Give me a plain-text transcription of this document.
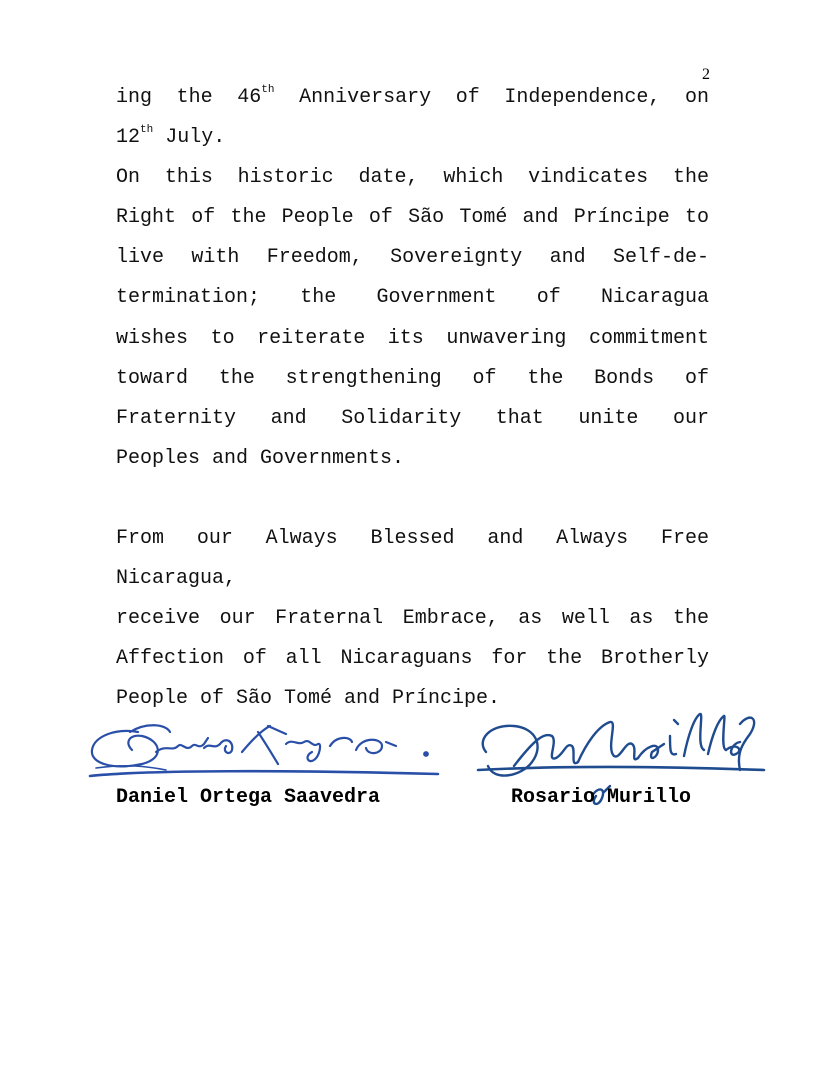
2

ing the 46th Anniversary of Independence, on
12th July.

On this historic date, which vindicates the
Right of the People of São Tomé and Príncipe to
live with Freedom, Sovereignty and Self-de-
termination; the Government of Nicaragua
wishes to reiterate its unwavering commitment
toward the strengthening of the Bonds of
Fraternity and Solidarity that unite our
Peoples and Governments.

From our Always Blessed and Always Free Nicaragua,
receive our Fraternal Embrace, as well as the
Affection of all Nicaraguans for the Brotherly
People of São Tomé and Príncipe.

Daniel Ortega Saavedra	Rosario Murillo
